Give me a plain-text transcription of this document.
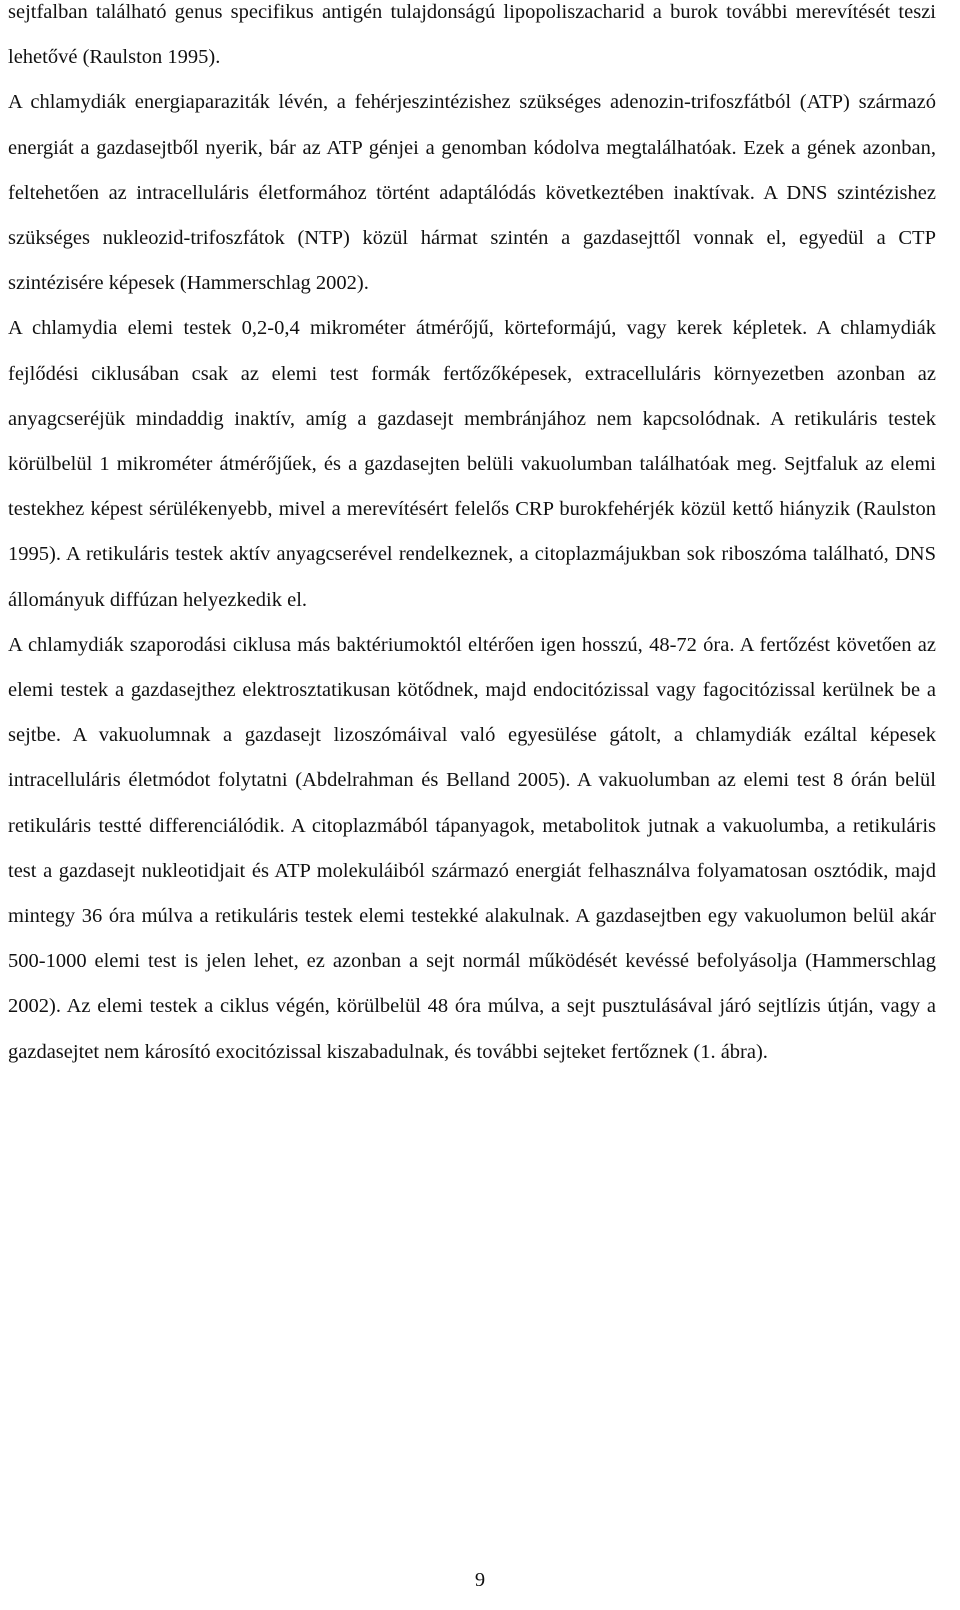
sejtfalban található genus specifikus antigén tulajdonságú lipopoliszacharid a burok további merevítését teszi lehetővé (Raulston 1995).

A chlamydiák energiaparaziták lévén, a fehérjeszintézishez szükséges adenozin-trifoszfátból (ATP) származó energiát a gazdasejtből nyerik, bár az ATP génjei a genomban kódolva megtalálhatóak. Ezek a gének azonban, feltehetően az intracelluláris életformához történt adaptálódás következtében inaktívak. A DNS szintézishez szükséges nukleozid-trifoszfátok (NTP) közül hármat szintén a gazdasejttől vonnak el, egyedül a CTP szintézisére képesek (Hammerschlag 2002).

A chlamydia elemi testek 0,2-0,4 mikrométer átmérőjű, körteformájú, vagy kerek képletek. A chlamydiák fejlődési ciklusában csak az elemi test formák fertőzőképesek, extracelluláris környezetben azonban az anyagcseréjük mindaddig inaktív, amíg a gazdasejt membránjához nem kapcsolódnak. A retikuláris testek körülbelül 1 mikrométer átmérőjűek, és a gazdasejten belüli vakuolumban találhatóak meg. Sejtfaluk az elemi testekhez képest sérülékenyebb, mivel a merevítésért felelős CRP burokfehérjék közül kettő hiányzik (Raulston 1995). A retikuláris testek aktív anyagcserével rendelkeznek, a citoplazmájukban sok riboszóma található, DNS állományuk diffúzan helyezkedik el.

A chlamydiák szaporodási ciklusa más baktériumoktól eltérően igen hosszú, 48-72 óra. A fertőzést követően az elemi testek a gazdasejthez elektrosztatikusan kötődnek, majd endocitózissal vagy fagocitózissal kerülnek be a sejtbe. A vakuolumnak a gazdasejt lizoszómáival való egyesülése gátolt, a chlamydiák ezáltal képesek intracelluláris életmódot folytatni (Abdelrahman és Belland 2005). A vakuolumban az elemi test 8 órán belül retikuláris testté differenciálódik. A citoplazmából tápanyagok, metabolitok jutnak a vakuolumba, a retikuláris test a gazdasejt nukleotidjait és ATP molekuláiból származó energiát felhasználva folyamatosan osztódik, majd mintegy 36 óra múlva a retikuláris testek elemi testekké alakulnak. A gazdasejtben egy vakuolumon belül akár 500-1000 elemi test is jelen lehet, ez azonban a sejt normál működését kevéssé befolyásolja (Hammerschlag 2002). Az elemi testek a ciklus végén, körülbelül 48 óra múlva, a sejt pusztulásával járó sejtlízis útján, vagy a gazdasejtet nem károsító exocitózissal kiszabadulnak, és további sejteket fertőznek (1. ábra).

9
